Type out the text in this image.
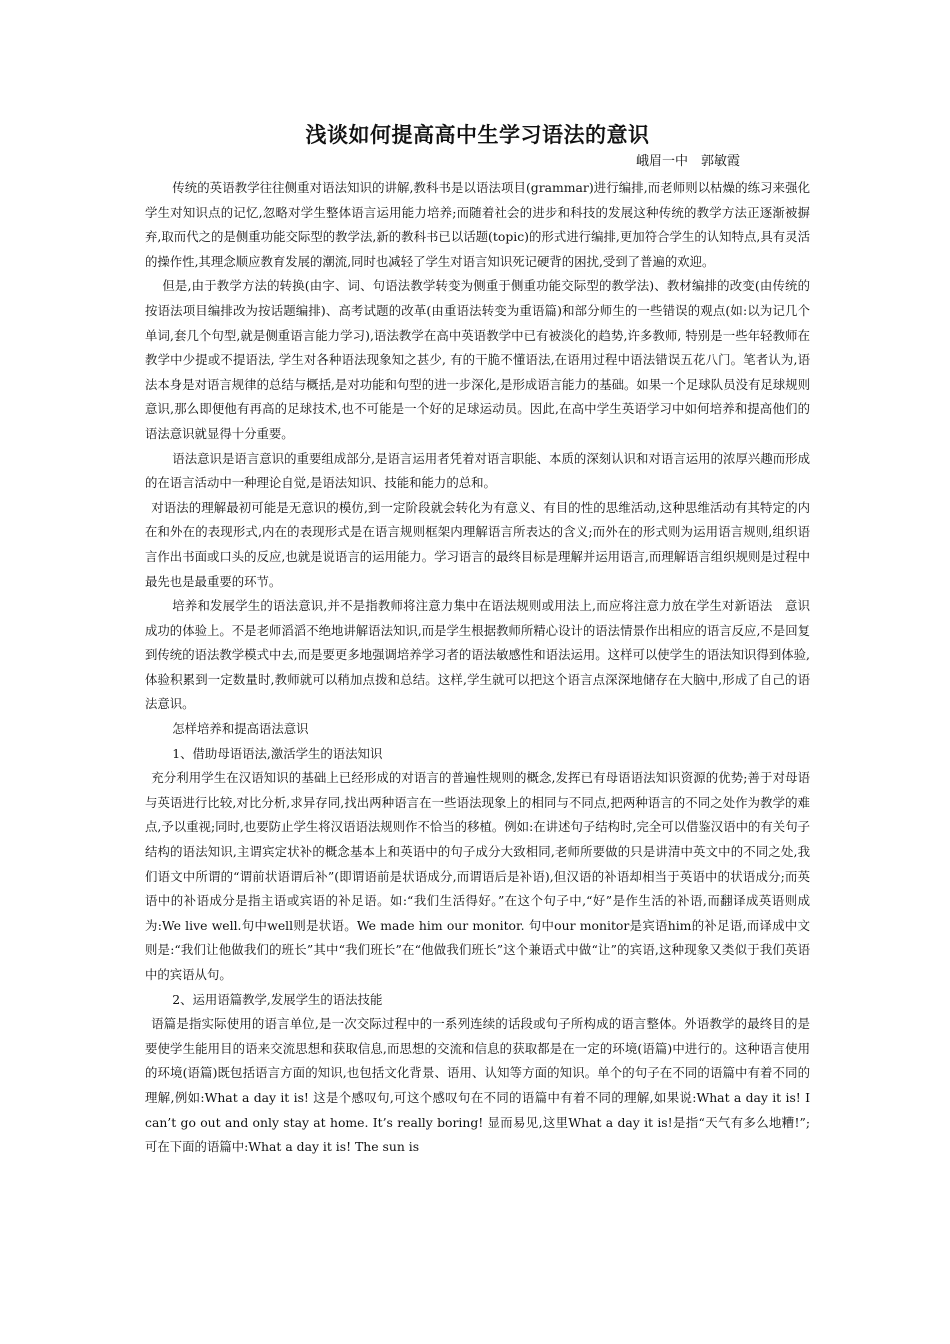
浅谈如何提高高中生学习语法的意识
峨眉一中　郭敏霞

传统的英语教学往往侧重对语法知识的讲解,教科书是以语法项目(grammar)进行编排,而老师则以枯燥的练习来强化学生对知识点的记忆,忽略对学生整体语言运用能力培养;而随着社会的进步和科技的发展这种传统的教学方法正逐渐被摒弃,取而代之的是侧重功能交际型的教学法,新的教科书已以话题(topic)的形式进行编排,更加符合学生的认知特点,具有灵活的操作性,其理念顺应教育发展的潮流,同时也减轻了学生对语言知识死记硬背的困扰,受到了普遍的欢迎。

但是,由于教学方法的转换(由字、词、句语法教学转变为侧重于侧重功能交际型的教学法)、教材编排的改变(由传统的按语法项目编排改为按话题编排)、高考试题的改革(由重语法转变为重语篇)和部分师生的一些错误的观点(如:以为记几个单词,套几个句型,就是侧重语言能力学习),语法教学在高中英语教学中已有被淡化的趋势,许多教师, 特别是一些年轻教师在教学中少提或不提语法, 学生对各种语法现象知之甚少, 有的干脆不懂语法,在语用过程中语法错误五花八门。笔者认为,语法本身是对语言规律的总结与概括,是对功能和句型的进一步深化,是形成语言能力的基础。如果一个足球队员没有足球规则意识,那么即便他有再高的足球技术,也不可能是一个好的足球运动员。因此,在高中学生英语学习中如何培养和提高他们的语法意识就显得十分重要。

语法意识是语言意识的重要组成部分,是语言运用者凭着对语言职能、本质的深刻认识和对语言运用的浓厚兴趣而形成的在语言活动中一种理论自觉,是语法知识、技能和能力的总和。

对语法的理解最初可能是无意识的模仿,到一定阶段就会转化为有意义、有目的性的思维活动,这种思维活动有其特定的内在和外在的表现形式,内在的表现形式是在语言规则框架内理解语言所表达的含义;而外在的形式则为运用语言规则,组织语言作出书面或口头的反应,也就是说语言的运用能力。学习语言的最终目标是理解并运用语言,而理解语言组织规则是过程中最先也是最重要的环节。

培养和发展学生的语法意识,并不是指教师将注意力集中在语法规则或用法上,而应将注意力放在学生对新语法　意识成功的体验上。不是老师滔滔不绝地讲解语法知识,而是学生根据教师所精心设计的语法情景作出相应的语言反应,不是回复到传统的语法教学模式中去,而是要更多地强调培养学习者的语法敏感性和语法运用。这样可以使学生的语法知识得到体验,体验积累到一定数量时,教师就可以稍加点拨和总结。这样,学生就可以把这个语言点深深地储存在大脑中,形成了自己的语法意识。

怎样培养和提高语法意识
1、借助母语语法,激活学生的语法知识

充分利用学生在汉语知识的基础上已经形成的对语言的普遍性规则的概念,发挥已有母语语法知识资源的优势;善于对母语与英语进行比较,对比分析,求异存同,找出两种语言在一些语法现象上的相同与不同点,把两种语言的不同之处作为教学的难点,予以重视;同时,也要防止学生将汉语语法规则作不恰当的移植。例如:在讲述句子结构时,完全可以借鉴汉语中的有关句子结构的语法知识,主谓宾定状补的概念基本上和英语中的句子成分大致相同,老师所要做的只是讲清中英文中的不同之处,我们语文中所谓的“谓前状语谓后补”(即谓语前是状语成分,而谓语后是补语),但汉语的补语却相当于英语中的状语成分;而英语中的补语成分是指主语或宾语的补足语。如:“我们生活得好。”在这个句子中,“好”是作生活的补语,而翻译成英语则成为:We live well.句中well则是状语。We made him our monitor. 句中our monitor是宾语him的补足语,而译成中文则是:“我们让他做我们的班长”其中“我们班长”在“他做我们班长”这个兼语式中做“让”的宾语,这种现象又类似于我们英语中的宾语从句。

2、运用语篇教学,发展学生的语法技能

语篇是指实际使用的语言单位,是一次交际过程中的一系列连续的话段或句子所构成的语言整体。外语教学的最终目的是要使学生能用目的语来交流思想和获取信息,而思想的交流和信息的获取都是在一定的环境(语篇)中进行的。这种语言使用的环境(语篇)既包括语言方面的知识,也包括文化背景、语用、认知等方面的知识。单个的句子在不同的语篇中有着不同的理解,例如:What a day it is! 这是个感叹句,可这个感叹句在不同的语篇中有着不同的理解,如果说:What a day it is! I can’t go out and only stay at home. It’s really boring! 显而易见,这里What a day it is!是指“天气有多么地糟!”;可在下面的语篇中:What a day it is! The sun is
